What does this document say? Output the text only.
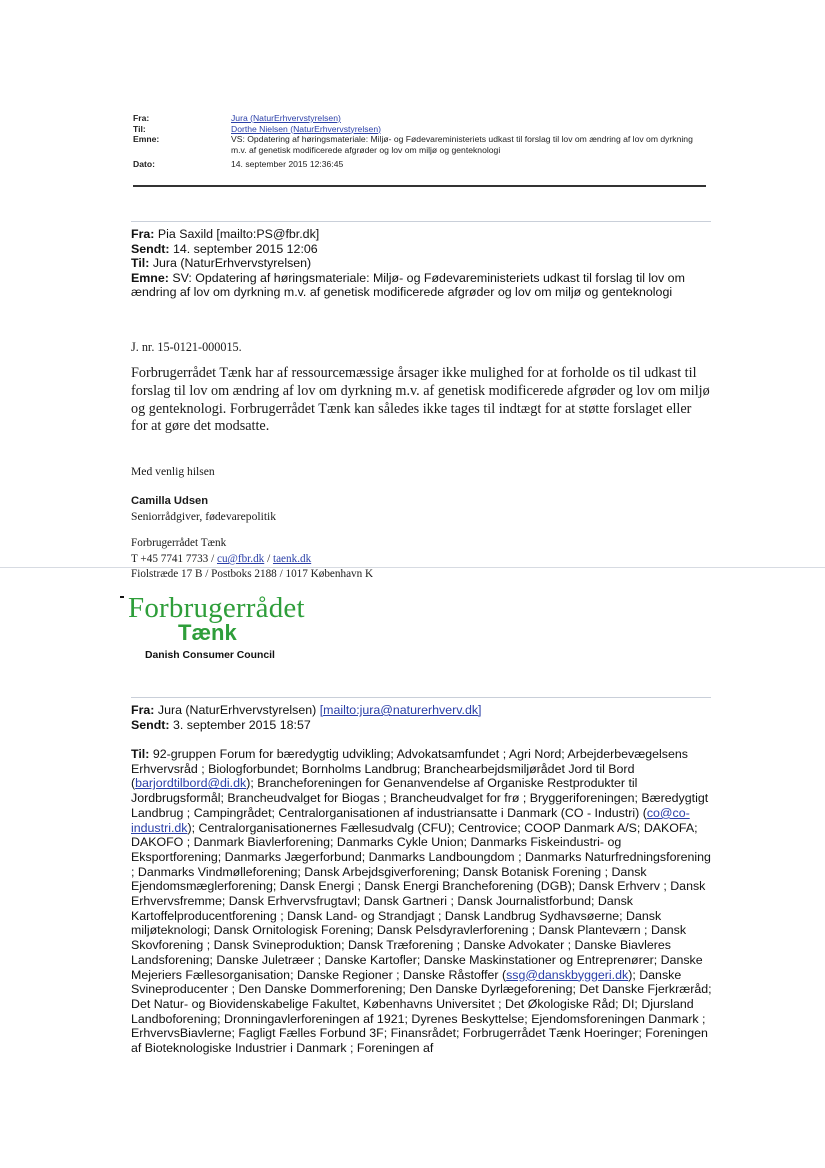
Fra:	Jura (NaturErhvervstyrelsen)
Til:	Dorthe Nielsen (NaturErhvervstyrelsen)
Emne:	VS: Opdatering af høringsmateriale: Miljø- og Fødevareministeriets udkast til forslag til lov om ændring af lov om dyrkning m.v. af genetisk modificerede afgrøder og lov om miljø og genteknologi
Dato:	14. september 2015 12:36:45
Fra: Pia Saxild [mailto:PS@fbr.dk]
Sendt: 14. september 2015 12:06
Til: Jura (NaturErhvervstyrelsen)
Emne: SV: Opdatering af høringsmateriale: Miljø- og Fødevareministeriets udkast til forslag til lov om ændring af lov om dyrkning m.v. af genetisk modificerede afgrøder og lov om miljø og genteknologi
J. nr. 15-0121-000015.
Forbrugerrådet Tænk har af ressourcemæssige årsager ikke mulighed for at forholde os til udkast til forslag til lov om ændring af lov om dyrkning m.v. af genetisk modificerede afgrøder og lov om miljø og genteknologi. Forbrugerrådet Tænk kan således ikke tages til indtægt for at støtte forslaget eller for at gøre det modsatte.
Med venlig hilsen
Camilla Udsen
Seniorrådgiver, fødevarepolitik
Forbrugerrådet Tænk
T +45 7741 7733 / cu@fbr.dk / taenk.dk
Fiolstræde 17 B / Postboks 2188 / 1017 København K
Forbrugerrådet
Tænk
Danish Consumer Council
Fra: Jura (NaturErhvervstyrelsen) [mailto:jura@naturerhverv.dk]
Sendt: 3. september 2015 18:57
Til: 92-gruppen Forum for bæredygtig udvikling; Advokatsamfundet ; Agri Nord; Arbejderbevægelsens Erhvervsråd ; Biologforbundet; Bornholms Landbrug; Branchearbejdsmiljørådet Jord til Bord (barjordtilbord@di.dk); Brancheforeningen for Genanvendelse af Organiske Restprodukter til Jordbrugsformål; Brancheudvalget for Biogas ; Brancheudvalget for frø ; Bryggeriforeningen; Bæredygtigt Landbrug ; Campingrådet; Centralorganisationen af industriansatte i Danmark (CO - Industri) (co@co-industri.dk); Centralorganisationernes Fællesudvalg (CFU); Centrovice; COOP Danmark A/S; DAKOFA; DAKOFO ; Danmark Biavlerforening; Danmarks Cykle Union; Danmarks Fiskeindustri- og Eksportforening; Danmarks Jægerforbund; Danmarks Landboungdom ; Danmarks Naturfredningsforening ; Danmarks Vindmølleforening; Dansk Arbejdsgiverforening; Dansk Botanisk Forening ; Dansk Ejendomsmæglerforening; Dansk Energi ; Dansk Energi Brancheforening (DGB); Dansk Erhverv ; Dansk Erhvervsfremme; Dansk Erhvervsfrugtavl; Dansk Gartneri ; Dansk Journalistforbund; Dansk Kartoffelproducentforening ; Dansk Land- og Strandjagt ; Dansk Landbrug Sydhavsøerne; Dansk miljøteknologi; Dansk Ornitologisk Forening; Dansk Pelsdyravlerforening ; Dansk Planteværn ; Dansk Skovforening ; Dansk Svineproduktion; Dansk Træforening ; Danske Advokater ; Danske Biavleres Landsforening; Danske Juletræer ; Danske Kartofler; Danske Maskinstationer og Entreprenører; Danske Mejeriers Fællesorganisation; Danske Regioner ; Danske Råstoffer (ssg@danskbyggeri.dk); Danske Svineproducenter ; Den Danske Dommerforening; Den Danske Dyrlægeforening; Det Danske Fjerkræråd; Det Natur- og Biovidenskabelige Fakultet, Københavns Universitet ; Det Økologiske Råd; DI; Djursland Landboforening; Dronningavlerforeningen af 1921; Dyrenes Beskyttelse; Ejendomsforeningen Danmark ; ErhvervsBiavlerne; Fagligt Fælles Forbund 3F; Finansrådet; Forbrugerrådet Tænk Hoeringer; Foreningen af Bioteknologiske Industrier i Danmark ; Foreningen af
